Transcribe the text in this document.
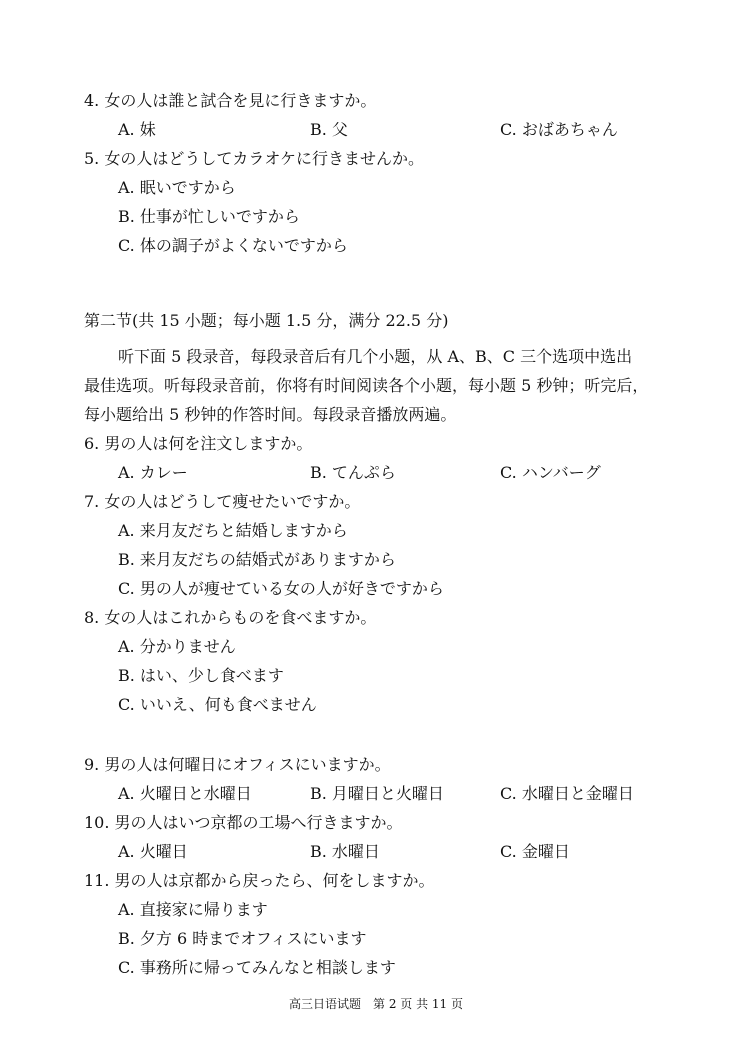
4. 女の人は誰と試合を見に行きますか。
A. 妹	B. 父	C. おばあちゃん
5. 女の人はどうしてカラオケに行きませんか。
A. 眠いですから
B. 仕事が忙しいですから
C. 体の調子がよくないですから
第二节(共 15 小题；每小题 1.5 分，满分 22.5 分)
听下面 5 段录音，每段录音后有几个小题，从 A、B、C 三个选项中选出
最佳选项。听每段录音前，你将有时间阅读各个小题，每小题 5 秒钟；听完后，
每小题给出 5 秒钟的作答时间。每段录音播放两遍。
6. 男の人は何を注文しますか。
A. カレー	B. てんぷら	C. ハンバーグ
7. 女の人はどうして痩せたいですか。
A. 来月友だちと結婚しますから
B. 来月友だちの結婚式がありますから
C. 男の人が痩せている女の人が好きですから
8. 女の人はこれからものを食べますか。
A. 分かりません
B. はい、少し食べます
C. いいえ、何も食べません
9. 男の人は何曜日にオフィスにいますか。
A. 火曜日と水曜日	B. 月曜日と火曜日	C. 水曜日と金曜日
10. 男の人はいつ京都の工場へ行きますか。
A. 火曜日	B. 水曜日	C. 金曜日
11. 男の人は京都から戻ったら、何をしますか。
A. 直接家に帰ります
B. 夕方 6 時までオフィスにいます
C. 事務所に帰ってみんなと相談します
高三日语试题　第 2 页 共 11 页
